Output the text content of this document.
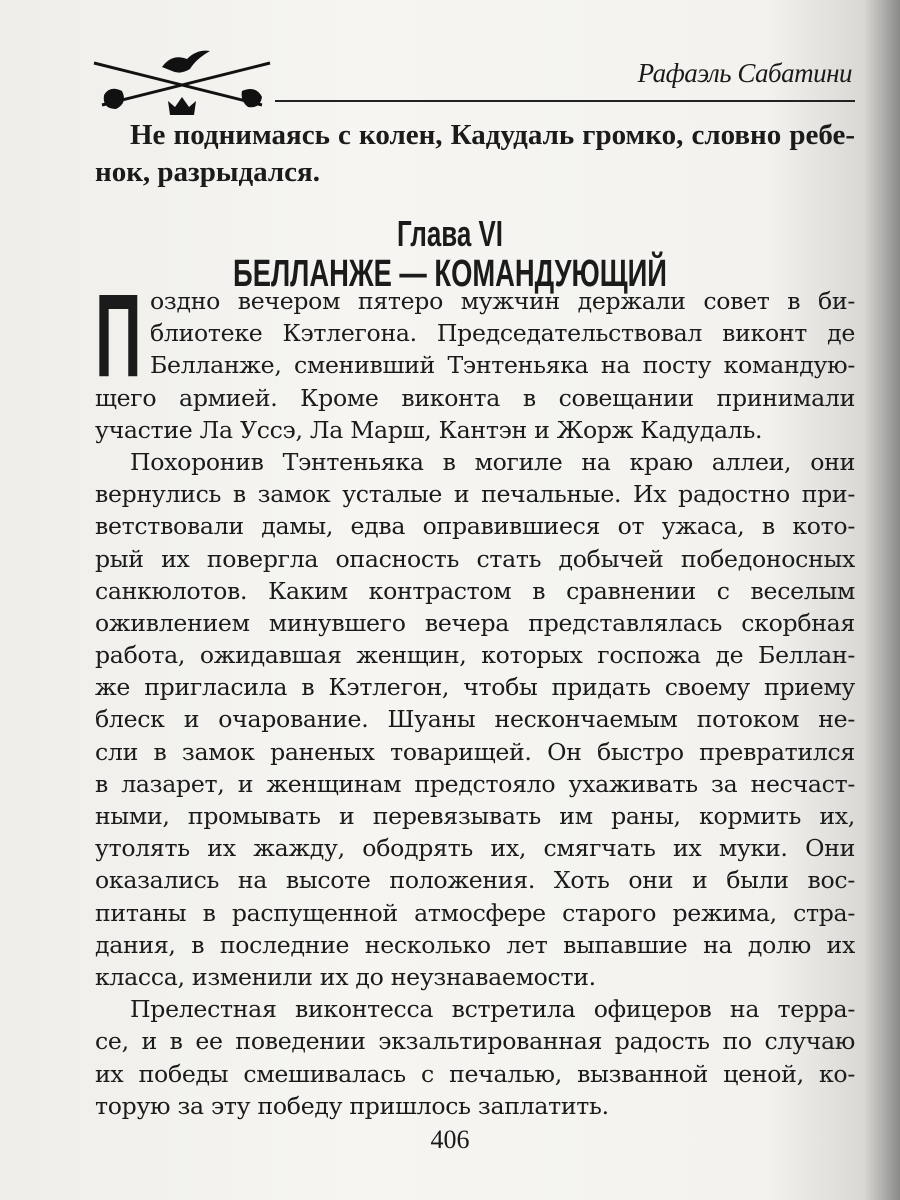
Рафаэль Сабатини
Не поднимаясь с колен, Кадудаль громко, словно ребе-
нок, разрыдался.
Глава VI
БЕЛЛАНЖЕ — КОМАНДУЮЩИЙ
П оздно вечером пятеро мужчин держали совет в би-
блиотеке Кэтлегона. Председательствовал виконт де
Белланже, сменивший Тэнтеньяка на посту командую-
щего армией. Кроме виконта в совещании принимали
участие Ла Уссэ, Ла Марш, Кантэн и Жорж Кадудаль.
Похоронив Тэнтеньяка в могиле на краю аллеи, они
вернулись в замок усталые и печальные. Их радостно при-
ветствовали дамы, едва оправившиеся от ужаса, в кото-
рый их повергла опасность стать добычей победоносных
санкюлотов. Каким контрастом в сравнении с веселым
оживлением минувшего вечера представлялась скорбная
работа, ожидавшая женщин, которых госпожа де Беллан-
же пригласила в Кэтлегон, чтобы придать своему приему
блеск и очарование. Шуаны нескончаемым потоком не-
сли в замок раненых товарищей. Он быстро превратился
в лазарет, и женщинам предстояло ухаживать за несчаст-
ными, промывать и перевязывать им раны, кормить их,
утолять их жажду, ободрять их, смягчать их муки. Они
оказались на высоте положения. Хоть они и были вос-
питаны в распущенной атмосфере старого режима, стра-
дания, в последние несколько лет выпавшие на долю их
класса, изменили их до неузнаваемости.
Прелестная виконтесса встретила офицеров на терра-
се, и в ее поведении экзальтированная радость по случаю
их победы смешивалась с печалью, вызванной ценой, ко-
торую за эту победу пришлось заплатить.
406
